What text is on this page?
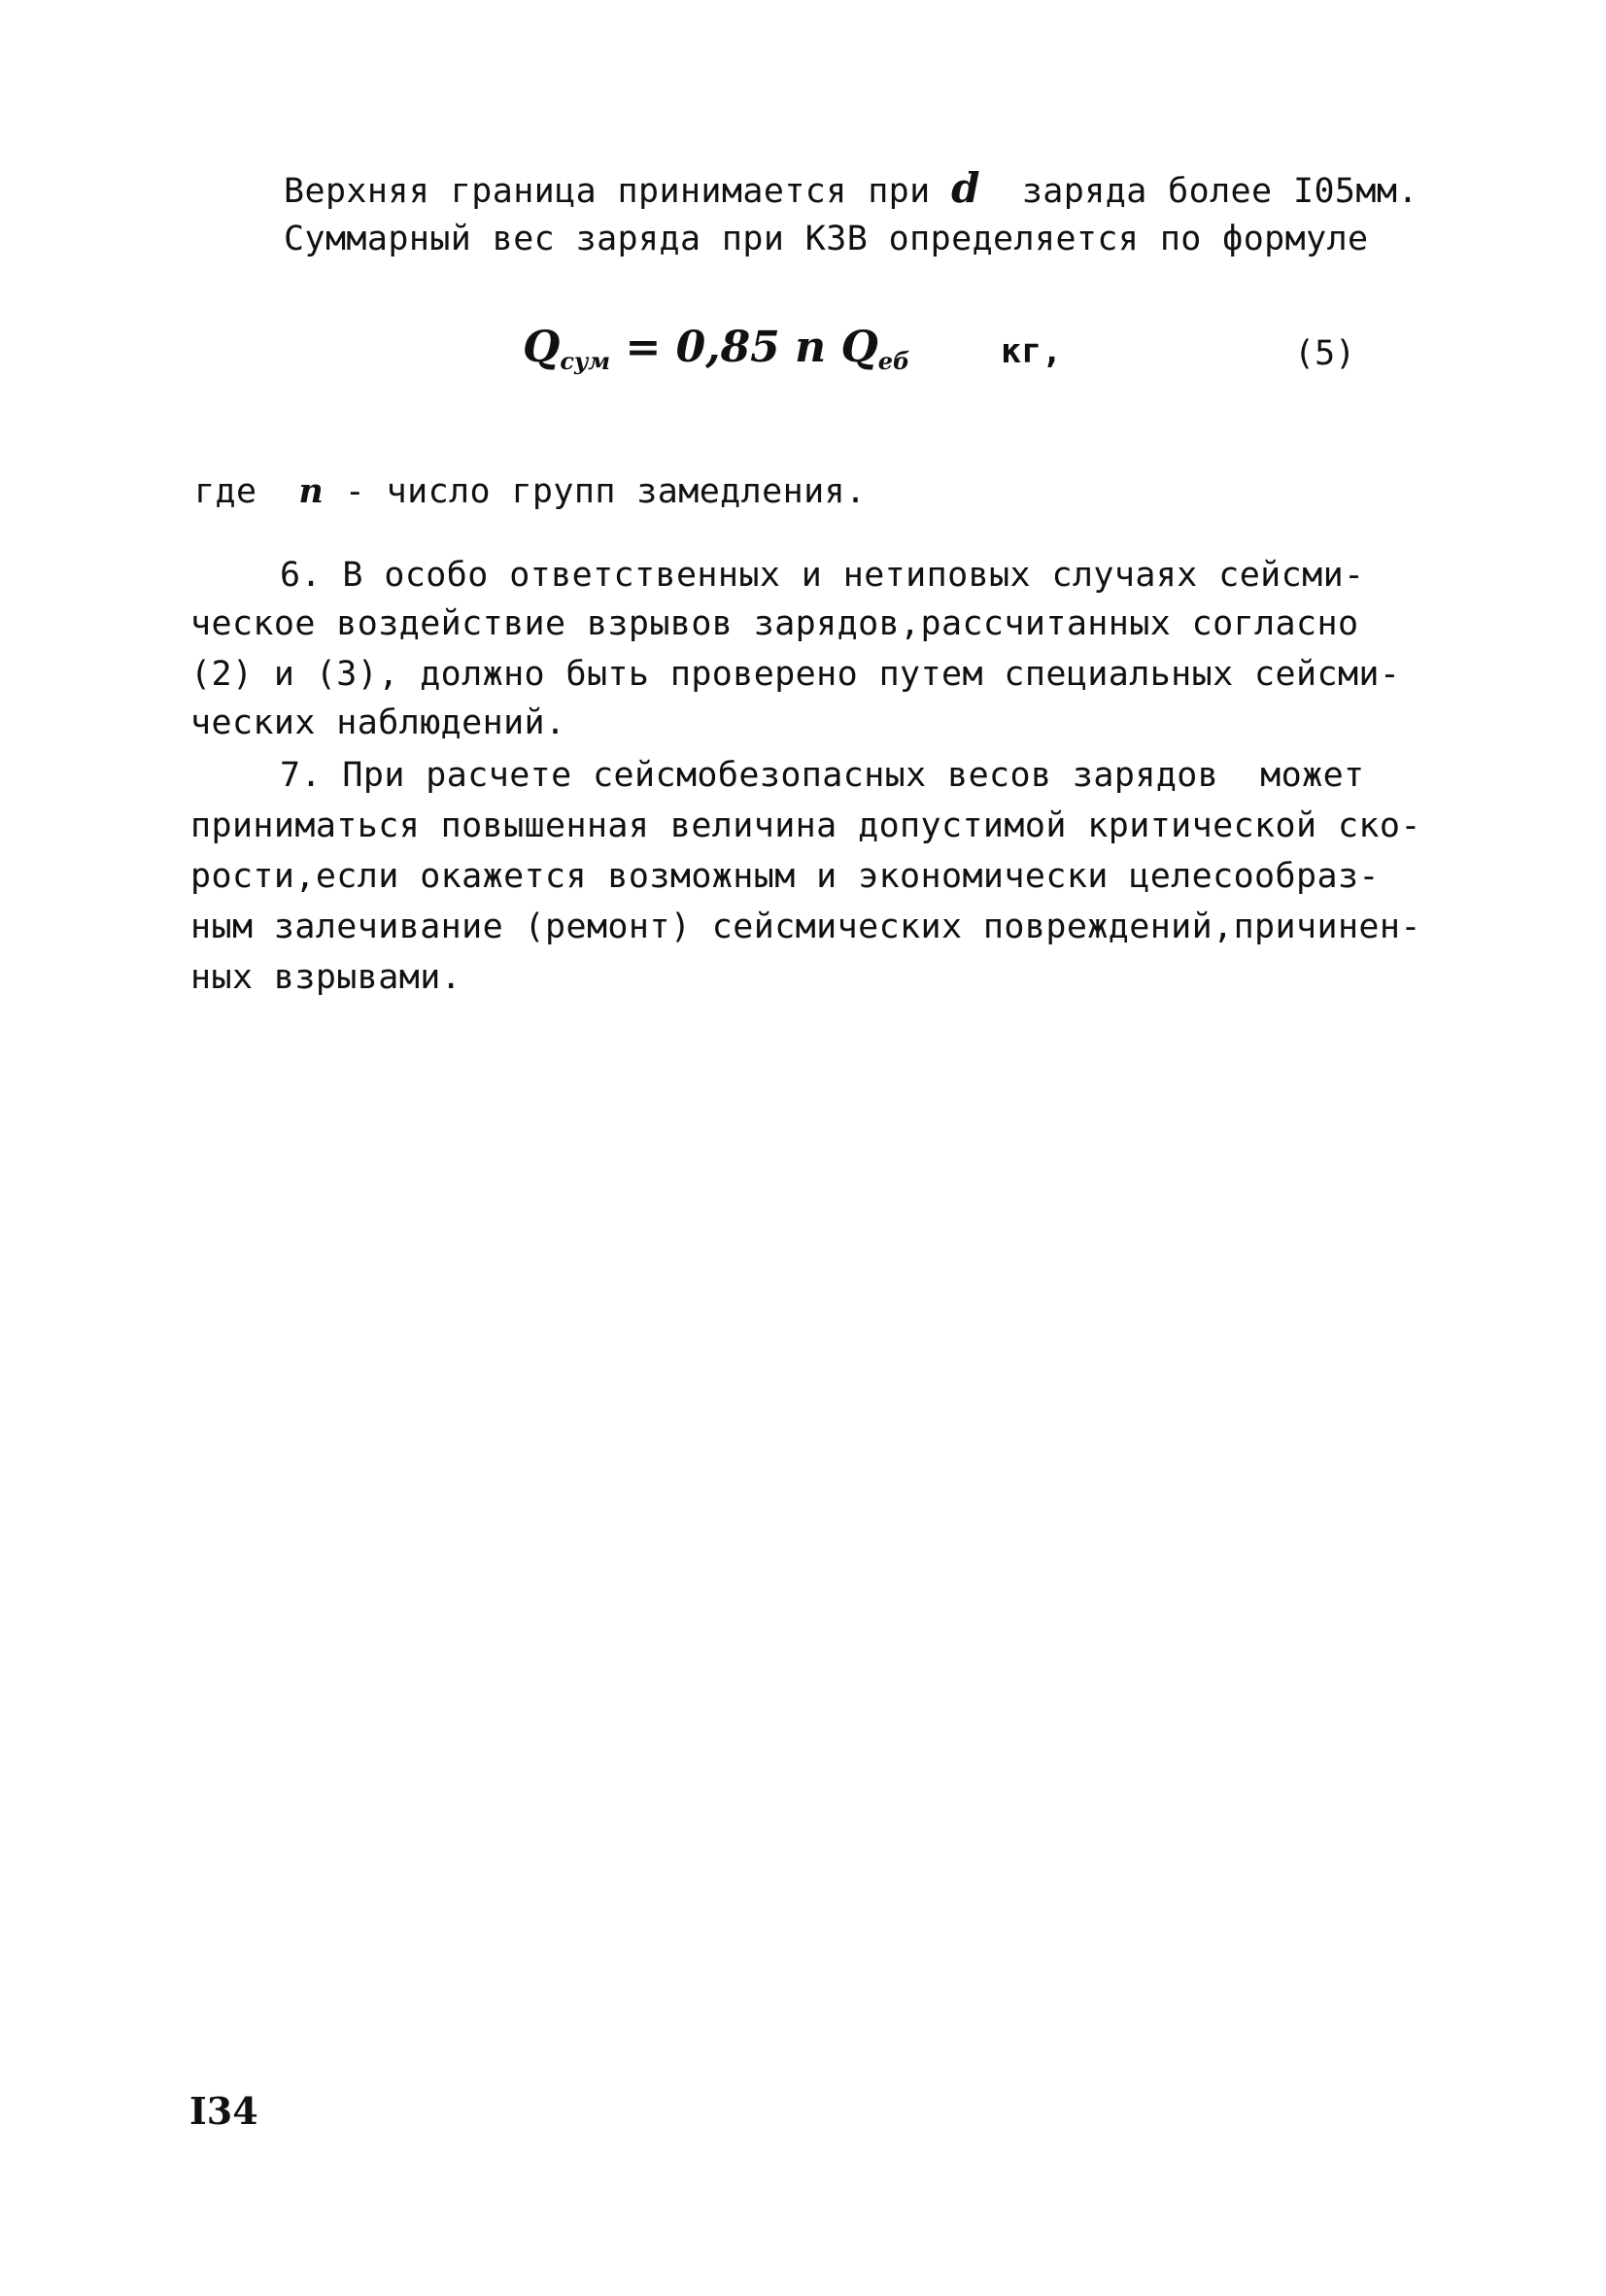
Верхняя граница принимается при d  заряда более I05мм.
Суммарный вес заряда при КЗВ определяется по формуле
$Q_{сум} = 0,85$ n $Q_{eб}$	кг,	(5)
где  n - число групп замедления.
6. В особо ответственных и нетиповых случаях сейсми-
ческое воздействие взрывов зарядов,рассчитанных согласно
(2) и (3), должно быть проверено путем специальных сейсми-
ческих наблюдений.
7. При расчете сейсмобезопасных весов зарядов  может
приниматься повышенная величина допустимой критической ско-
рости,если окажется возможным и экономически целесообраз-
ным залечивание (ремонт) сейсмических повреждений,причинен-
ных взрывами.
I34
